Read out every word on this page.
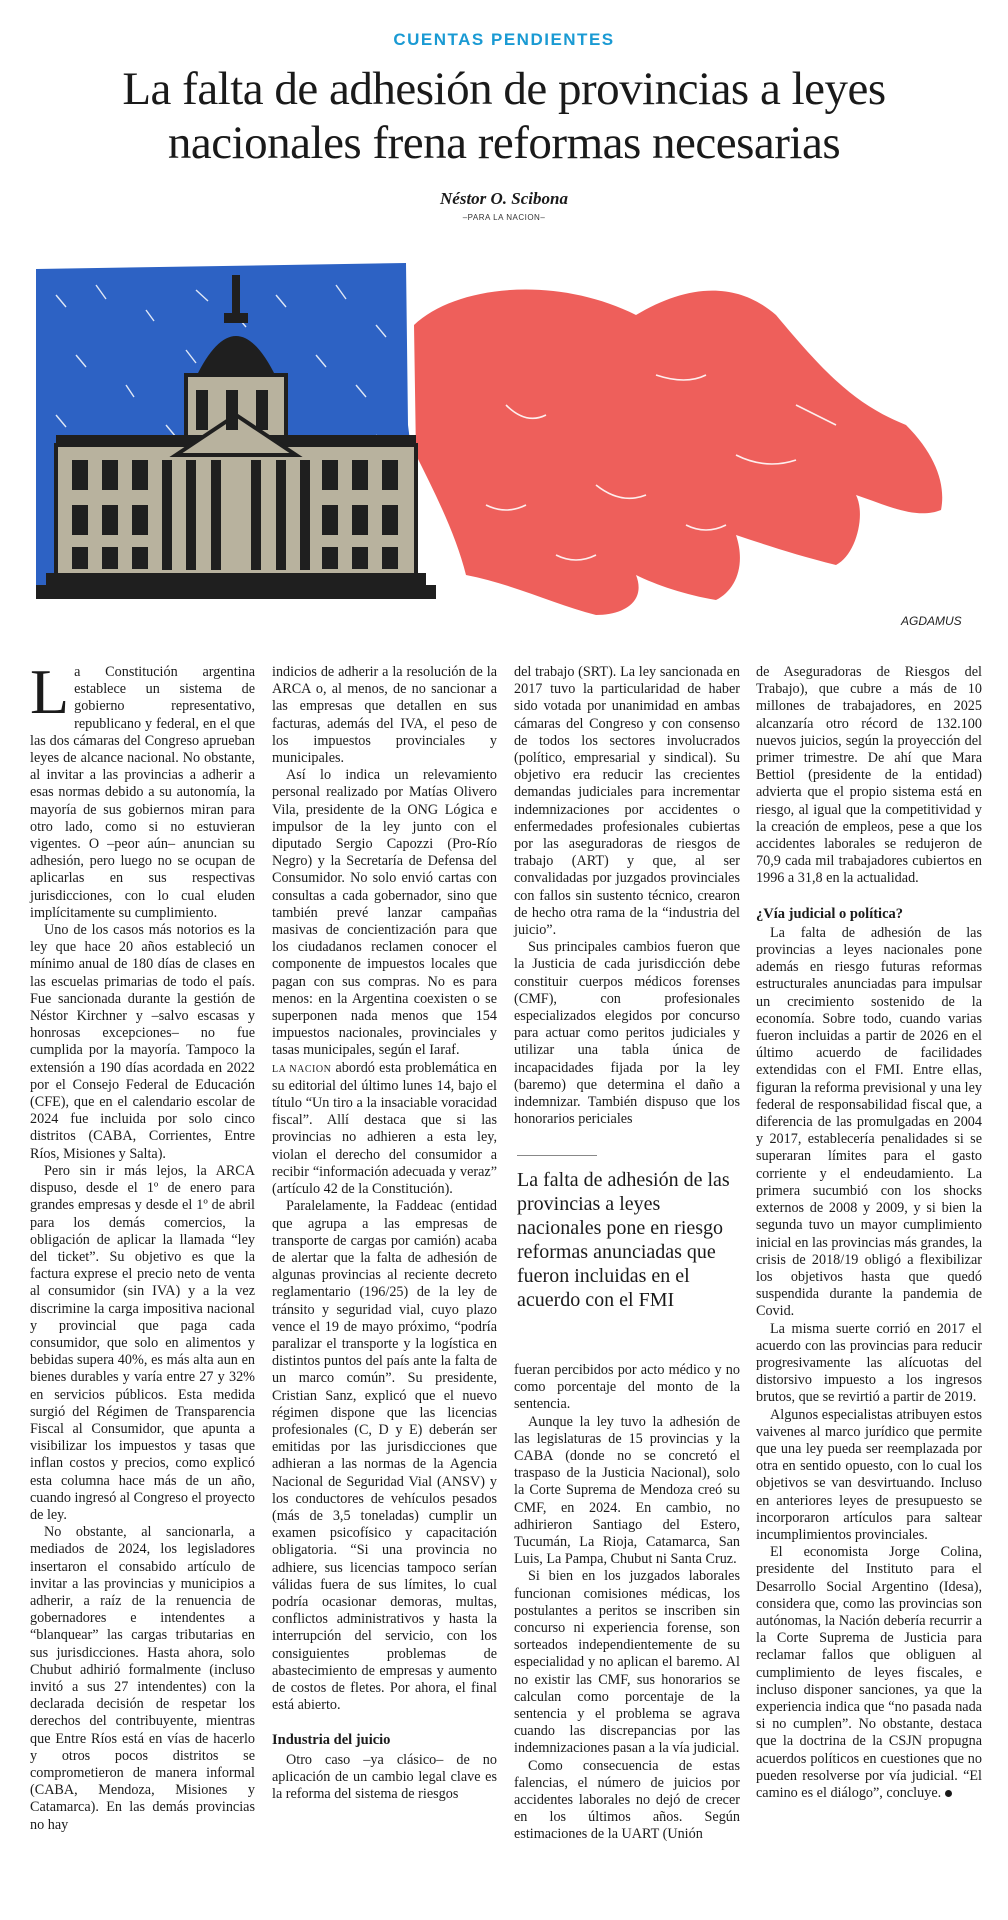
CUENTAS PENDIENTES
La falta de adhesión de provincias a leyes nacionales frena reformas necesarias
Néstor O. Scibona
–PARA LA NACION–
AGDAMUS

La Constitución argentina establece un sistema de gobierno representativo, republicano y federal, en el que las dos cámaras del Congreso aprueban leyes de alcance nacional. No obstante, al invitar a las provincias a adherir a esas normas debido a su autonomía, la mayoría de sus gobiernos miran para otro lado, como si no estuvieran vigentes. O –peor aún– anuncian su adhesión, pero luego no se ocupan de aplicarlas en sus respectivas jurisdicciones, con lo cual eluden implícitamente su cumplimiento.

Uno de los casos más notorios es la ley que hace 20 años estableció un mínimo anual de 180 días de clases en las escuelas primarias de todo el país. Fue sancionada durante la gestión de Néstor Kirchner y –salvo escasas y honrosas excepciones– no fue cumplida por la mayoría. Tampoco la extensión a 190 días acordada en 2022 por el Consejo Federal de Educación (CFE), que en el calendario escolar de 2024 fue incluida por solo cinco distritos (CABA, Corrientes, Entre Ríos, Misiones y Salta).

Pero sin ir más lejos, la ARCA dispuso, desde el 1º de enero para grandes empresas y desde el 1º de abril para los demás comercios, la obligación de aplicar la llamada “ley del ticket”. Su objetivo es que la factura exprese el precio neto de venta al consumidor (sin IVA) y a la vez discrimine la carga impositiva nacional y provincial que paga cada consumidor, que solo en alimentos y bebidas supera 40%, es más alta aun en bienes durables y varía entre 27 y 32% en servicios públicos. Esta medida surgió del Régimen de Transparencia Fiscal al Consumidor, que apunta a visibilizar los impuestos y tasas que inflan costos y precios, como explicó esta columna hace más de un año, cuando ingresó al Congreso el proyecto de ley.

No obstante, al sancionarla, a mediados de 2024, los legisladores insertaron el consabido artículo de invitar a las provincias y municipios a adherir, a raíz de la renuencia de gobernadores e intendentes a “blanquear” las cargas tributarias en sus jurisdicciones. Hasta ahora, solo Chubut adhirió formalmente (incluso invitó a sus 27 intendentes) con la declarada decisión de respetar los derechos del contribuyente, mientras que Entre Ríos está en vías de hacerlo y otros pocos distritos se comprometieron de manera informal (CABA, Mendoza, Misiones y Catamarca). En las demás provincias no hay

indicios de adherir a la resolución de la ARCA o, al menos, de no sancionar a las empresas que detallen en sus facturas, además del IVA, el peso de los impuestos provinciales y municipales.

Así lo indica un relevamiento personal realizado por Matías Olivero Vila, presidente de la ONG Lógica e impulsor de la ley junto con el diputado Sergio Capozzi (Pro-Río Negro) y la Secretaría de Defensa del Consumidor. No solo envió cartas con consultas a cada gobernador, sino que también prevé lanzar campañas masivas de concientización para que los ciudadanos reclamen conocer el componente de impuestos locales que pagan con sus compras. No es para menos: en la Argentina coexisten o se superponen nada menos que 154 impuestos nacionales, provinciales y tasas municipales, según el Iaraf.

LA NACION abordó esta problemática en su editorial del último lunes 14, bajo el título “Un tiro a la insaciable voracidad fiscal”. Allí destaca que si las provincias no adhieren a esta ley, violan el derecho del consumidor a recibir “información adecuada y veraz” (artículo 42 de la Constitución).

Paralelamente, la Faddeac (entidad que agrupa a las empresas de transporte de cargas por camión) acaba de alertar que la falta de adhesión de algunas provincias al reciente decreto reglamentario (196/25) de la ley de tránsito y seguridad vial, cuyo plazo vence el 19 de mayo próximo, “podría paralizar el transporte y la logística en distintos puntos del país ante la falta de un marco común”. Su presidente, Cristian Sanz, explicó que el nuevo régimen dispone que las licencias profesionales (C, D y E) deberán ser emitidas por las jurisdicciones que adhieran a las normas de la Agencia Nacional de Seguridad Vial (ANSV) y los conductores de vehículos pesados (más de 3,5 toneladas) cumplir un examen psicofísico y capacitación obligatoria. “Si una provincia no adhiere, sus licencias tampoco serían válidas fuera de sus límites, lo cual podría ocasionar demoras, multas, conflictos administrativos y hasta la interrupción del servicio, con los consiguientes problemas de abastecimiento de empresas y aumento de costos de fletes. Por ahora, el final está abierto.

Industria del juicio

Otro caso –ya clásico– de no aplicación de un cambio legal clave es la reforma del sistema de riesgos

del trabajo (SRT). La ley sancionada en 2017 tuvo la particularidad de haber sido votada por unanimidad en ambas cámaras del Congreso y con consenso de todos los sectores involucrados (político, empresarial y sindical). Su objetivo era reducir las crecientes demandas judiciales para incrementar indemnizaciones por accidentes o enfermedades profesionales cubiertas por las aseguradoras de riesgos de trabajo (ART) y que, al ser convalidadas por juzgados provinciales con fallos sin sustento técnico, crearon de hecho otra rama de la “industria del juicio”.

Sus principales cambios fueron que la Justicia de cada jurisdicción debe constituir cuerpos médicos forenses (CMF), con profesionales especializados elegidos por concurso para actuar como peritos judiciales y utilizar una tabla única de incapacidades fijada por la ley (baremo) que determina el daño a indemnizar. También dispuso que los honorarios periciales

La falta de adhesión de las provincias a leyes nacionales pone en riesgo reformas anunciadas que fueron incluidas en el acuerdo con el FMI

fueran percibidos por acto médico y no como porcentaje del monto de la sentencia.

Aunque la ley tuvo la adhesión de las legislaturas de 15 provincias y la CABA (donde no se concretó el traspaso de la Justicia Nacional), solo la Corte Suprema de Mendoza creó su CMF, en 2024. En cambio, no adhirieron Santiago del Estero, Tucumán, La Rioja, Catamarca, San Luis, La Pampa, Chubut ni Santa Cruz.

Si bien en los juzgados laborales funcionan comisiones médicas, los postulantes a peritos se inscriben sin concurso ni experiencia forense, son sorteados independientemente de su especialidad y no aplican el baremo. Al no existir las CMF, sus honorarios se calculan como porcentaje de la sentencia y el problema se agrava cuando las discrepancias por las indemnizaciones pasan a la vía judicial.

Como consecuencia de estas falencias, el número de juicios por accidentes laborales no dejó de crecer en los últimos años. Según estimaciones de la UART (Unión

de Aseguradoras de Riesgos del Trabajo), que cubre a más de 10 millones de trabajadores, en 2025 alcanzaría otro récord de 132.100 nuevos juicios, según la proyección del primer trimestre. De ahí que Mara Bettiol (presidente de la entidad) advierta que el propio sistema está en riesgo, al igual que la competitividad y la creación de empleos, pese a que los accidentes laborales se redujeron de 70,9 cada mil trabajadores cubiertos en 1996 a 31,8 en la actualidad.

¿Vía judicial o política?

La falta de adhesión de las provincias a leyes nacionales pone además en riesgo futuras reformas estructurales anunciadas para impulsar un crecimiento sostenido de la economía. Sobre todo, cuando varias fueron incluidas a partir de 2026 en el último acuerdo de facilidades extendidas con el FMI. Entre ellas, figuran la reforma previsional y una ley federal de responsabilidad fiscal que, a diferencia de las promulgadas en 2004 y 2017, establecería penalidades si se superaran límites para el gasto corriente y el endeudamiento. La primera sucumbió con los shocks externos de 2008 y 2009, y si bien la segunda tuvo un mayor cumplimiento inicial en las provincias más grandes, la crisis de 2018/19 obligó a flexibilizar los objetivos hasta que quedó suspendida durante la pandemia de Covid.

La misma suerte corrió en 2017 el acuerdo con las provincias para reducir progresivamente las alícuotas del distorsivo impuesto a los ingresos brutos, que se revirtió a partir de 2019.

Algunos especialistas atribuyen estos vaivenes al marco jurídico que permite que una ley pueda ser reemplazada por otra en sentido opuesto, con lo cual los objetivos se van desvirtuando. Incluso en anteriores leyes de presupuesto se incorporaron artículos para saltear incumplimientos provinciales.

El economista Jorge Colina, presidente del Instituto para el Desarrollo Social Argentino (Idesa), considera que, como las provincias son autónomas, la Nación debería recurrir a la Corte Suprema de Justicia para reclamar fallos que obliguen al cumplimiento de leyes fiscales, e incluso disponer sanciones, ya que la experiencia indica que “no pasada nada si no cumplen”. No obstante, destaca que la doctrina de la CSJN propugna acuerdos políticos en cuestiones que no pueden resolverse por vía judicial. “El camino es el diálogo”, concluye.
